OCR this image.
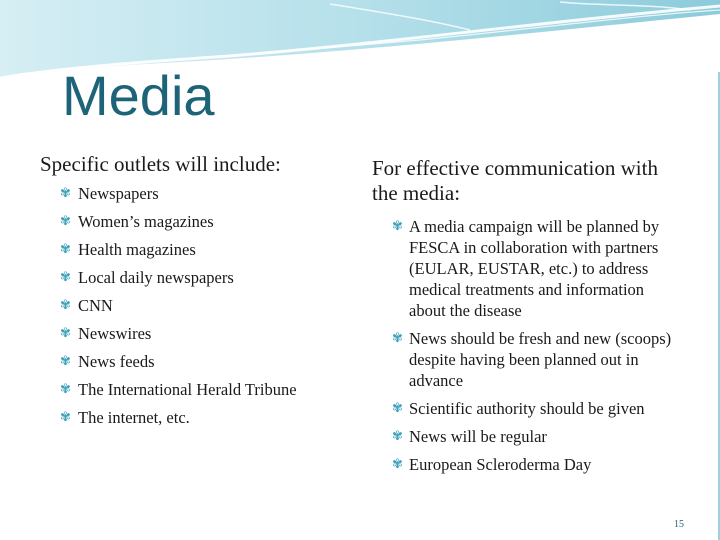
Media
Specific outlets will include:
✾ Newspapers
✾ Women’s magazines
✾ Health magazines
✾ Local daily newspapers
✾ CNN
✾ Newswires
✾ News feeds
✾ The International Herald Tribune
✾ The internet, etc.
For effective communication with the media:
✾ A media campaign will be planned by FESCA in collaboration with partners (EULAR, EUSTAR, etc.) to address medical treatments and information about the disease
✾ News should be fresh and new (scoops) despite having been planned out in advance
✾ Scientific authority should be given
✾ News will be regular
✾ European Scleroderma Day
15
